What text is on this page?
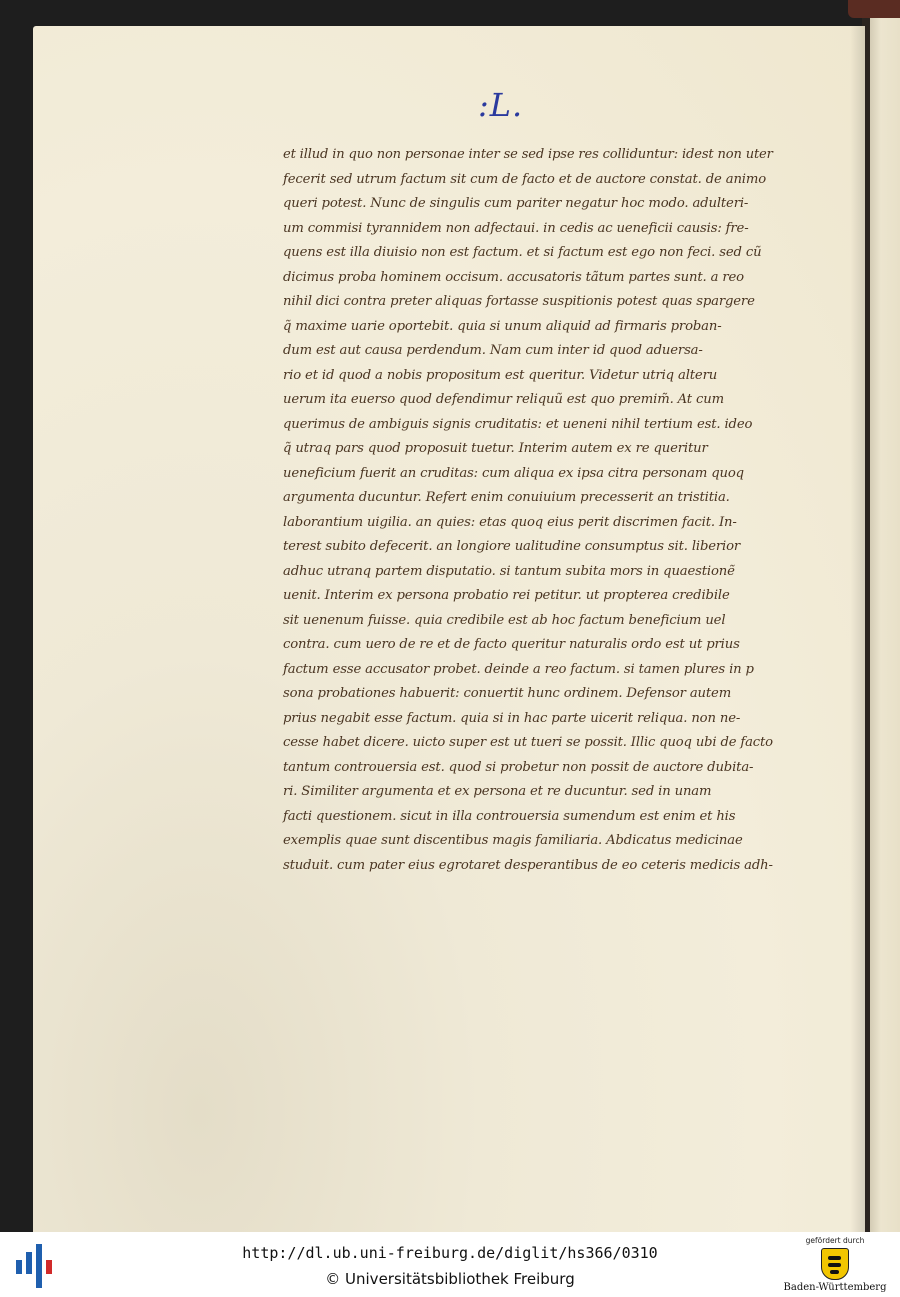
:L.
et illud in quo non personae inter se sed ipse res colliduntur: idest non uter
fecerit sed utrum factum sit cum de facto et de auctore constat. de animo
queri potest. Nunc de singulis cum pariter negatur hoc modo. adulteri-
um commisi tyrannidem non adfectaui. in cedis ac ueneficii causis: fre-
quens est illa diuisio non est factum. et si factum est ego non feci. sed cũ
dicimus proba hominem occisum. accusatoris tãtum partes sunt. a reo
nihil dici contra preter aliquas fortasse suspitionis potest quas spargere
q̃ maxime uarie oportebit. quia si unum aliquid ad firmaris proban-
dum est aut causa perdendum. Nam cum inter id quod aduersa-
rio et id quod a nobis propositum est queritur. Videtur utriq alteru
uerum ita euerso quod defendimur reliquũ est quo premim̃. At cum
querimus de ambiguis signis cruditatis: et ueneni nihil tertium est. ideo
q̃ utraq pars quod proposuit tuetur. Interim autem ex re queritur
ueneficium fuerit an cruditas: cum aliqua ex ipsa citra personam quoq
argumenta ducuntur. Refert enim conuiuium precesserit an tristitia.
laborantium uigilia. an quies: etas quoq eius perit discrimen facit. In-
terest subito defecerit. an longiore ualitudine consumptus sit. liberior
adhuc utranq partem disputatio. si tantum subita mors in quaestionẽ
uenit. Interim ex persona probatio rei petitur. ut propterea credibile
sit uenenum fuisse. quia credibile est ab hoc factum beneficium uel
contra. cum uero de re et de facto queritur naturalis ordo est ut prius
factum esse accusator probet. deinde a reo factum. si tamen plures in p
sona probationes habuerit: conuertit hunc ordinem. Defensor autem
prius negabit esse factum. quia si in hac parte uicerit reliqua. non ne-
cesse habet dicere. uicto super est ut tueri se possit. Illic quoq ubi de facto
tantum controuersia est. quod si probetur non possit de auctore dubita-
ri. Similiter argumenta et ex persona et re ducuntur. sed in unam
facti questionem. sicut in illa controuersia sumendum est enim et his
exemplis quae sunt discentibus magis familiaria. Abdicatus medicinae
studuit. cum pater eius egrotaret desperantibus de eo ceteris medicis adh-
http://dl.ub.uni-freiburg.de/diglit/hs366/0310
© Universitätsbibliothek Freiburg
gefördert durch
Baden-Württemberg
